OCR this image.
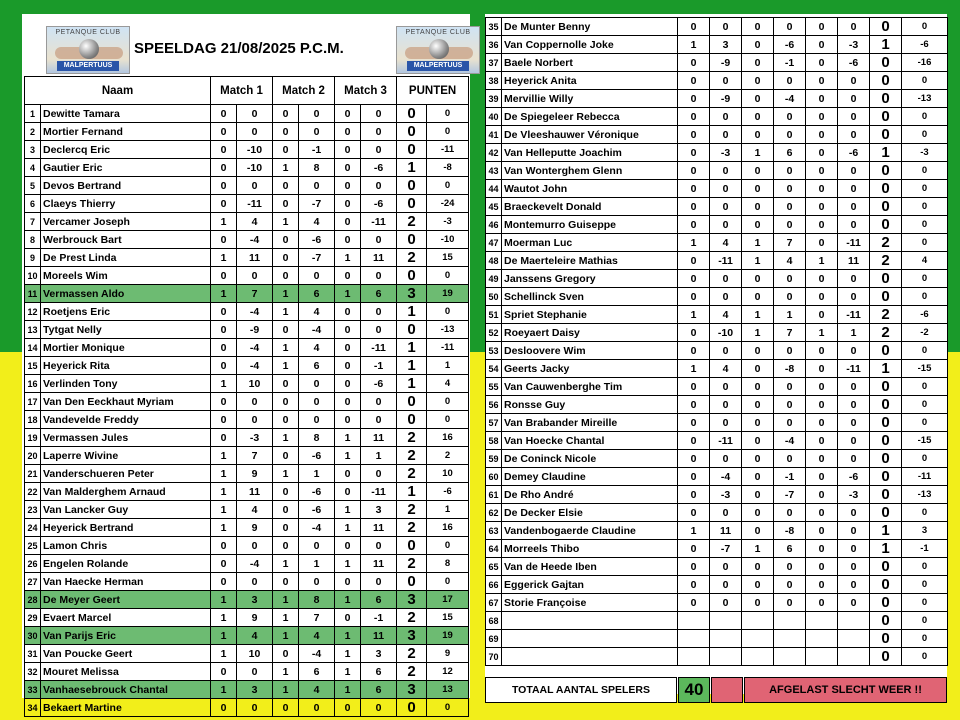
PETANQUE CLUB
MALPERTUUS
SPEELDAG 21/08/2025 P.C.M.
PETANQUE CLUB
MALPERTUUS
Naam		Match 1		Match 2		Match 3		PUNTEN	
1	Dewitte Tamara	0	0	0	0	0	0	0	0
2	Mortier Fernand	0	0	0	0	0	0	0	0
3	Declercq Eric	0	-10	0	-1	0	0	0	-11
4	Gautier Eric	0	-10	1	8	0	-6	1	-8
5	Devos Bertrand	0	0	0	0	0	0	0	0
6	Claeys Thierry	0	-11	0	-7	0	-6	0	-24
7	Vercamer Joseph	1	4	1	4	0	-11	2	-3
8	Werbrouck Bart	0	-4	0	-6	0	0	0	-10
9	De Prest Linda	1	11	0	-7	1	11	2	15
10	Moreels Wim	0	0	0	0	0	0	0	0
11	Vermassen Aldo	1	7	1	6	1	6	3	19
12	Roetjens Eric	0	-4	1	4	0	0	1	0
13	Tytgat Nelly	0	-9	0	-4	0	0	0	-13
14	Mortier Monique	0	-4	1	4	0	-11	1	-11
15	Heyerick Rita	0	-4	1	6	0	-1	1	1
16	Verlinden Tony	1	10	0	0	0	-6	1	4
17	Van Den Eeckhaut Myriam	0	0	0	0	0	0	0	0
18	Vandevelde Freddy	0	0	0	0	0	0	0	0
19	Vermassen Jules	0	-3	1	8	1	11	2	16
20	Laperre Wivine	1	7	0	-6	1	1	2	2
21	Vanderschueren Peter	1	9	1	1	0	0	2	10
22	Van Malderghem Arnaud	1	11	0	-6	0	-11	1	-6
23	Van Lancker Guy	1	4	0	-6	1	3	2	1
24	Heyerick Bertrand	1	9	0	-4	1	11	2	16
25	Lamon Chris	0	0	0	0	0	0	0	0
26	Engelen Rolande	0	-4	1	1	1	11	2	8
27	Van Haecke Herman	0	0	0	0	0	0	0	0
28	De Meyer Geert	1	3	1	8	1	6	3	17
29	Evaert Marcel	1	9	1	7	0	-1	2	15
30	Van Parijs Eric	1	4	1	4	1	11	3	19
31	Van Poucke Geert	1	10	0	-4	1	3	2	9
32	Mouret Melissa	0	0	1	6	1	6	2	12
33	Vanhaesebrouck Chantal	1	3	1	4	1	6	3	13
34	Bekaert Martine	0	0	0	0	0	0	0	0
35	De Munter Benny	0	0	0	0	0	0	0	0
36	Van Coppernolle Joke	1	3	0	-6	0	-3	1	-6
37	Baele Norbert	0	-9	0	-1	0	-6	0	-16
38	Heyerick Anita	0	0	0	0	0	0	0	0
39	Mervillie Willy	0	-9	0	-4	0	0	0	-13
40	De Spiegeleer Rebecca	0	0	0	0	0	0	0	0
41	De Vleeshauwer Véronique	0	0	0	0	0	0	0	0
42	Van Helleputte Joachim	0	-3	1	6	0	-6	1	-3
43	Van Wonterghem Glenn	0	0	0	0	0	0	0	0
44	Wautot John	0	0	0	0	0	0	0	0
45	Braeckevelt Donald	0	0	0	0	0	0	0	0
46	Montemurro Guiseppe	0	0	0	0	0	0	0	0
47	Moerman Luc	1	4	1	7	0	-11	2	0
48	De Maerteleire Mathias	0	-11	1	4	1	11	2	4
49	Janssens Gregory	0	0	0	0	0	0	0	0
50	Schellinck Sven	0	0	0	0	0	0	0	0
51	Spriet Stephanie	1	4	1	1	0	-11	2	-6
52	Roeyaert Daisy	0	-10	1	7	1	1	2	-2
53	Desloovere Wim	0	0	0	0	0	0	0	0
54	Geerts Jacky	1	4	0	-8	0	-11	1	-15
55	Van Cauwenberghe Tim	0	0	0	0	0	0	0	0
56	Ronsse Guy	0	0	0	0	0	0	0	0
57	Van Brabander Mireille	0	0	0	0	0	0	0	0
58	Van Hoecke Chantal	0	-11	0	-4	0	0	0	-15
59	De Coninck Nicole	0	0	0	0	0	0	0	0
60	Demey Claudine	0	-4	0	-1	0	-6	0	-11
61	De Rho André	0	-3	0	-7	0	-3	0	-13
62	De Decker Elsie	0	0	0	0	0	0	0	0
63	Vandenbogaerde Claudine	1	11	0	-8	0	0	1	3
64	Morreels Thibo	0	-7	1	6	0	0	1	-1
65	Van de Heede Iben	0	0	0	0	0	0	0	0
66	Eggerick Gajtan	0	0	0	0	0	0	0	0
67	Storie Françoise	0	0	0	0	0	0	0	0
68								0	0
69								0	0
70								0	0
TOTAAL AANTAL SPELERS	40	AFGELAST SLECHT WEER !!
